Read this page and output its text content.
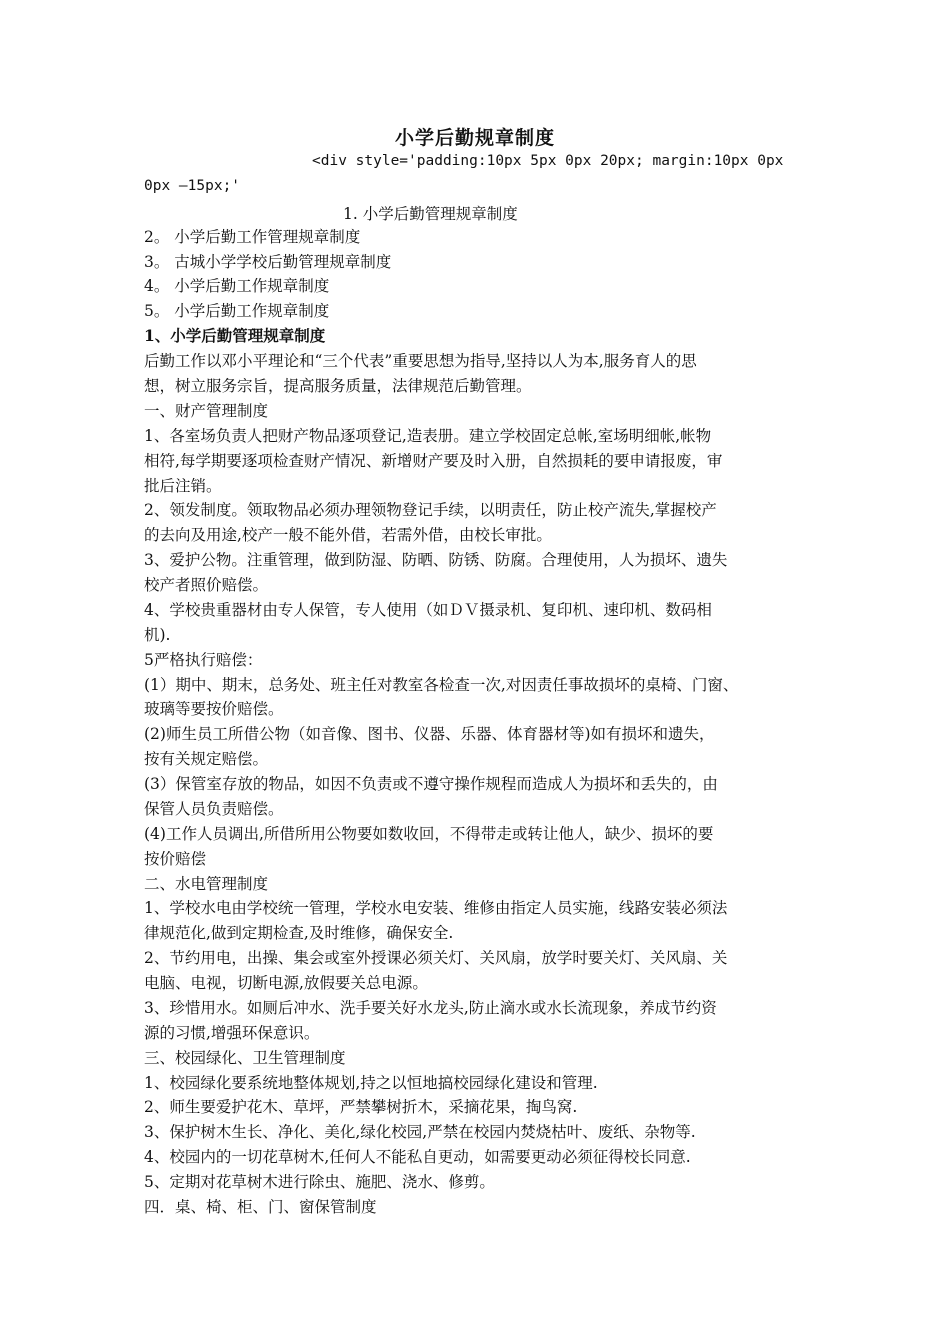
小学后勤规章制度
<div style='padding:10px 5px 0px 20px; margin:10px 0px
0px —15px;'
1. 小学后勤管理规章制度
2。 小学后勤工作管理规章制度
3。 古城小学学校后勤管理规章制度
4。 小学后勤工作规章制度
5。 小学后勤工作规章制度
1、小学后勤管理规章制度
后勤工作以邓小平理论和“三个代表”重要思想为指导,坚持以人为本,服务育人的思
想，树立服务宗旨，提高服务质量，法律规范后勤管理。
一、财产管理制度
1、各室场负责人把财产物品逐项登记,造表册。建立学校固定总帐,室场明细帐,帐物
相符,每学期要逐项检查财产情况、新增财产要及时入册，自然损耗的要申请报废，审
批后注销。
2、领发制度。领取物品必须办理领物登记手续，以明责任，防止校产流失,掌握校产
的去向及用途,校产一般不能外借，若需外借，由校长审批。
3、爱护公物。注重管理，做到防湿、防晒、防锈、防腐。合理使用，人为损坏、遗失
校产者照价赔偿。
4、学校贵重器材由专人保管，专人使用（如ＤＶ摄录机、复印机、速印机、数码相
机).
5严格执行赔偿：
(1）期中、期末，总务处、班主任对教室各检查一次,对因责任事故损坏的桌椅、门窗、
玻璃等要按价赔偿。
(2)师生员工所借公物（如音像、图书、仪器、乐器、体育器材等)如有损坏和遗失，
按有关规定赔偿。
(3）保管室存放的物品，如因不负责或不遵守操作规程而造成人为损坏和丢失的，由
保管人员负责赔偿。
(4)工作人员调出,所借所用公物要如数收回，不得带走或转让他人，缺少、损坏的要
按价赔偿
二、水电管理制度
1、学校水电由学校统一管理，学校水电安装、维修由指定人员实施，线路安装必须法
律规范化,做到定期检查,及时维修，确保安全.
2、节约用电，出操、集会或室外授课必须关灯、关风扇，放学时要关灯、关风扇、关
电脑、电视，切断电源,放假要关总电源。
3、珍惜用水。如厕后冲水、洗手要关好水龙头,防止滴水或水长流现象，养成节约资
源的习惯,增强环保意识。
三、校园绿化、卫生管理制度
1、校园绿化要系统地整体规划,持之以恒地搞校园绿化建设和管理.
2、师生要爱护花木、草坪，严禁攀树折木，采摘花果，掏鸟窝.
3、保护树木生长、净化、美化,绿化校园,严禁在校园内焚烧枯叶、废纸、杂物等.
4、校园内的一切花草树木,任何人不能私自更动，如需要更动必须征得校长同意.
5、定期对花草树木进行除虫、施肥、浇水、修剪。
四．桌、椅、柜、门、窗保管制度
